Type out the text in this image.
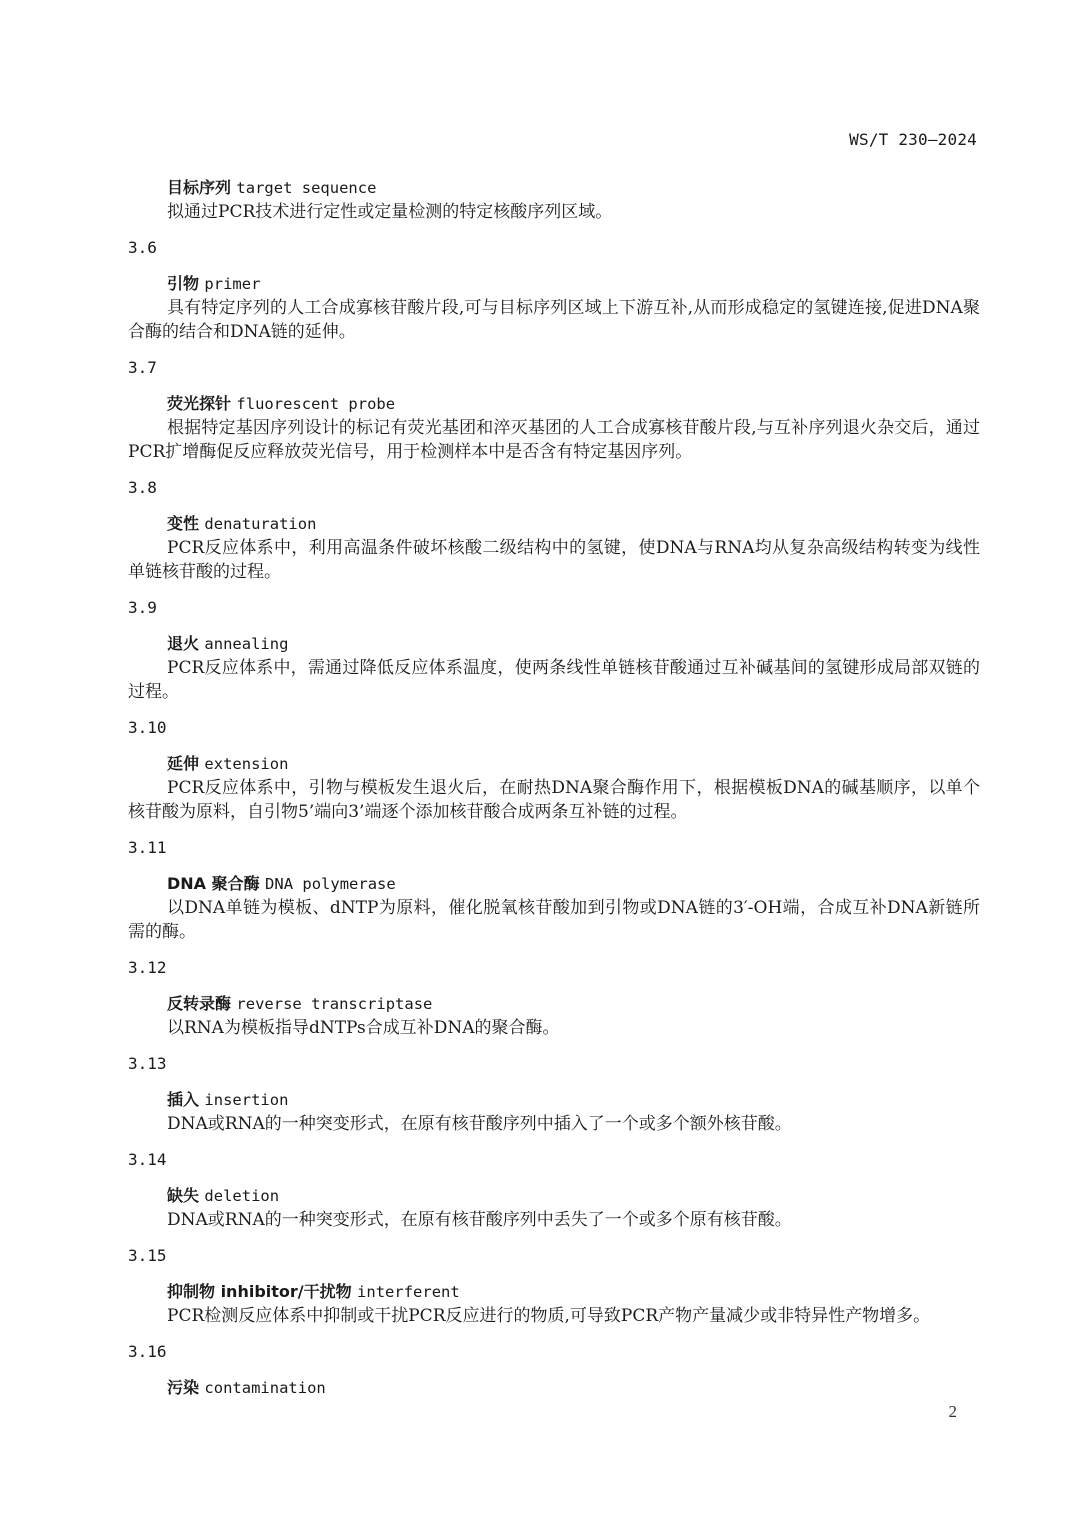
WS/T 230—2024
目标序列 target sequence
拟通过PCR技术进行定性或定量检测的特定核酸序列区域。
3.6
引物 primer
具有特定序列的人工合成寡核苷酸片段,可与目标序列区域上下游互补,从而形成稳定的氢键连接,促进DNA聚合酶的结合和DNA链的延伸。
3.7
荧光探针 fluorescent probe
根据特定基因序列设计的标记有荧光基团和淬灭基团的人工合成寡核苷酸片段,与互补序列退火杂交后，通过PCR扩增酶促反应释放荧光信号，用于检测样本中是否含有特定基因序列。
3.8
变性 denaturation
PCR反应体系中，利用高温条件破坏核酸二级结构中的氢键，使DNA与RNA均从复杂高级结构转变为线性单链核苷酸的过程。
3.9
退火 annealing
PCR反应体系中，需通过降低反应体系温度，使两条线性单链核苷酸通过互补碱基间的氢键形成局部双链的过程。
3.10
延伸 extension
PCR反应体系中，引物与模板发生退火后，在耐热DNA聚合酶作用下，根据模板DNA的碱基顺序，以单个核苷酸为原料，自引物5’端向3’端逐个添加核苷酸合成两条互补链的过程。
3.11
DNA 聚合酶 DNA polymerase
以DNA单链为模板、dNTP为原料，催化脱氧核苷酸加到引物或DNA链的3′-OH端，合成互补DNA新链所需的酶。
3.12
反转录酶 reverse transcriptase
以RNA为模板指导dNTPs合成互补DNA的聚合酶。
3.13
插入 insertion
DNA或RNA的一种突变形式，在原有核苷酸序列中插入了一个或多个额外核苷酸。
3.14
缺失 deletion
DNA或RNA的一种突变形式，在原有核苷酸序列中丢失了一个或多个原有核苷酸。
3.15
抑制物 inhibitor/干扰物 interferent
PCR检测反应体系中抑制或干扰PCR反应进行的物质,可导致PCR产物产量减少或非特异性产物增多。
3.16
污染 contamination
2
